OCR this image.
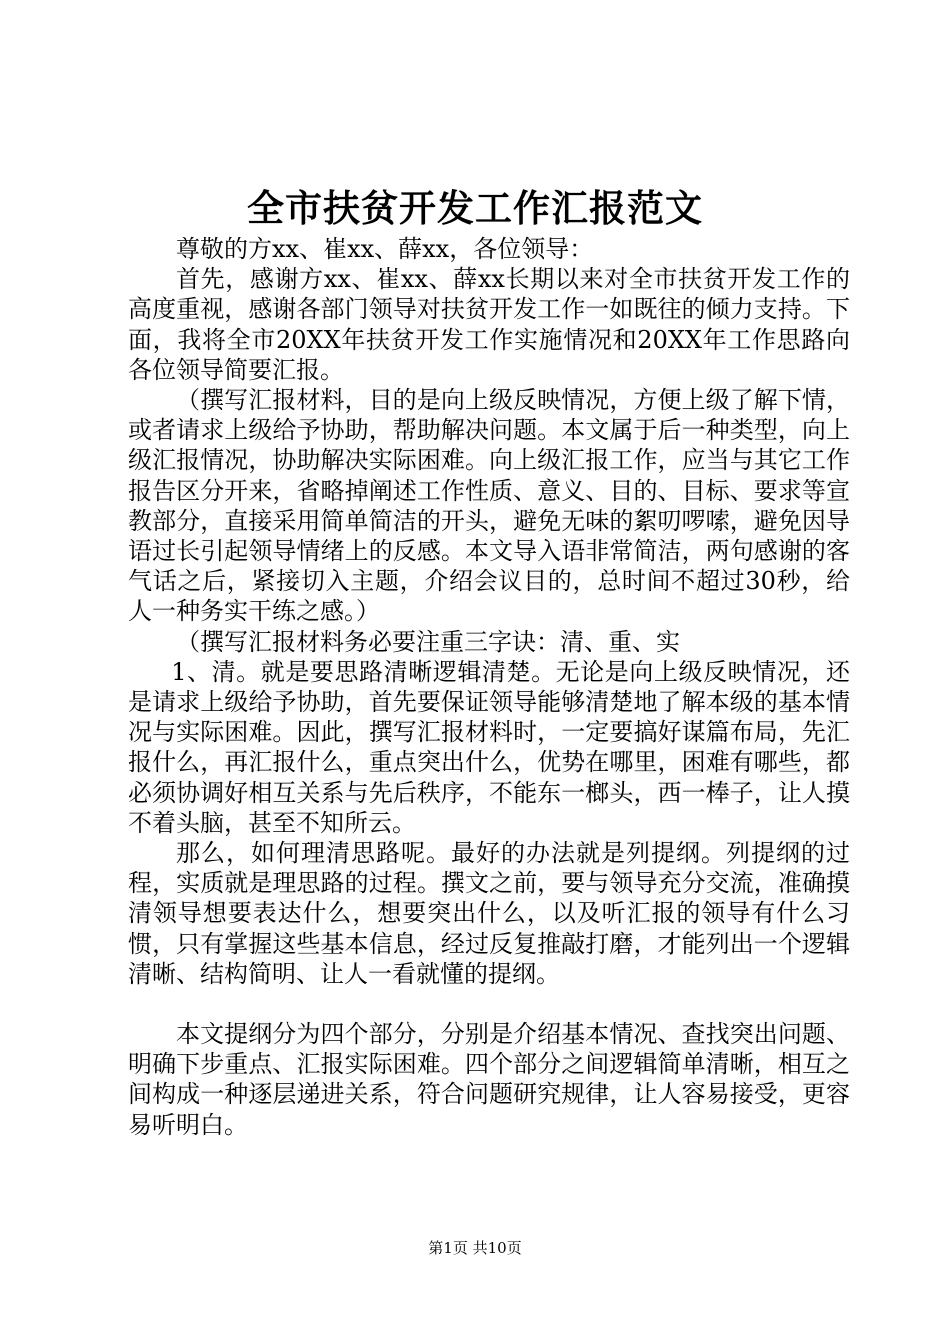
全市扶贫开发工作汇报范文

尊敬的方xx、崔xx、薛xx，各位领导：

首先，感谢方xx、崔xx、薛xx长期以来对全市扶贫开发工作的高度重视，感谢各部门领导对扶贫开发工作一如既往的倾力支持。下面，我将全市20XX年扶贫开发工作实施情况和20XX年工作思路向各位领导简要汇报。

（撰写汇报材料，目的是向上级反映情况，方便上级了解下情，或者请求上级给予协助，帮助解决问题。本文属于后一种类型，向上级汇报情况，协助解决实际困难。向上级汇报工作，应当与其它工作报告区分开来，省略掉阐述工作性质、意义、目的、目标、要求等宣教部分，直接采用简单简洁的开头，避免无味的絮叨啰嗦，避免因导语过长引起领导情绪上的反感。本文导入语非常简洁，两句感谢的客气话之后，紧接切入主题，介绍会议目的，总时间不超过30秒，给人一种务实干练之感。）

（撰写汇报材料务必要注重三字诀：清、重、实

1、清。就是要思路清晰逻辑清楚。无论是向上级反映情况，还是请求上级给予协助，首先要保证领导能够清楚地了解本级的基本情况与实际困难。因此，撰写汇报材料时，一定要搞好谋篇布局，先汇报什么，再汇报什么，重点突出什么，优势在哪里，困难有哪些，都必须协调好相互关系与先后秩序，不能东一榔头，西一棒子，让人摸不着头脑，甚至不知所云。

那么，如何理清思路呢。最好的办法就是列提纲。列提纲的过程，实质就是理思路的过程。撰文之前，要与领导充分交流，准确摸清领导想要表达什么，想要突出什么，以及听汇报的领导有什么习惯，只有掌握这些基本信息，经过反复推敲打磨，才能列出一个逻辑清晰、结构简明、让人一看就懂的提纲。

本文提纲分为四个部分，分别是介绍基本情况、查找突出问题、明确下步重点、汇报实际困难。四个部分之间逻辑简单清晰，相互之间构成一种逐层递进关系，符合问题研究规律，让人容易接受，更容易听明白。

第1页 共10页
